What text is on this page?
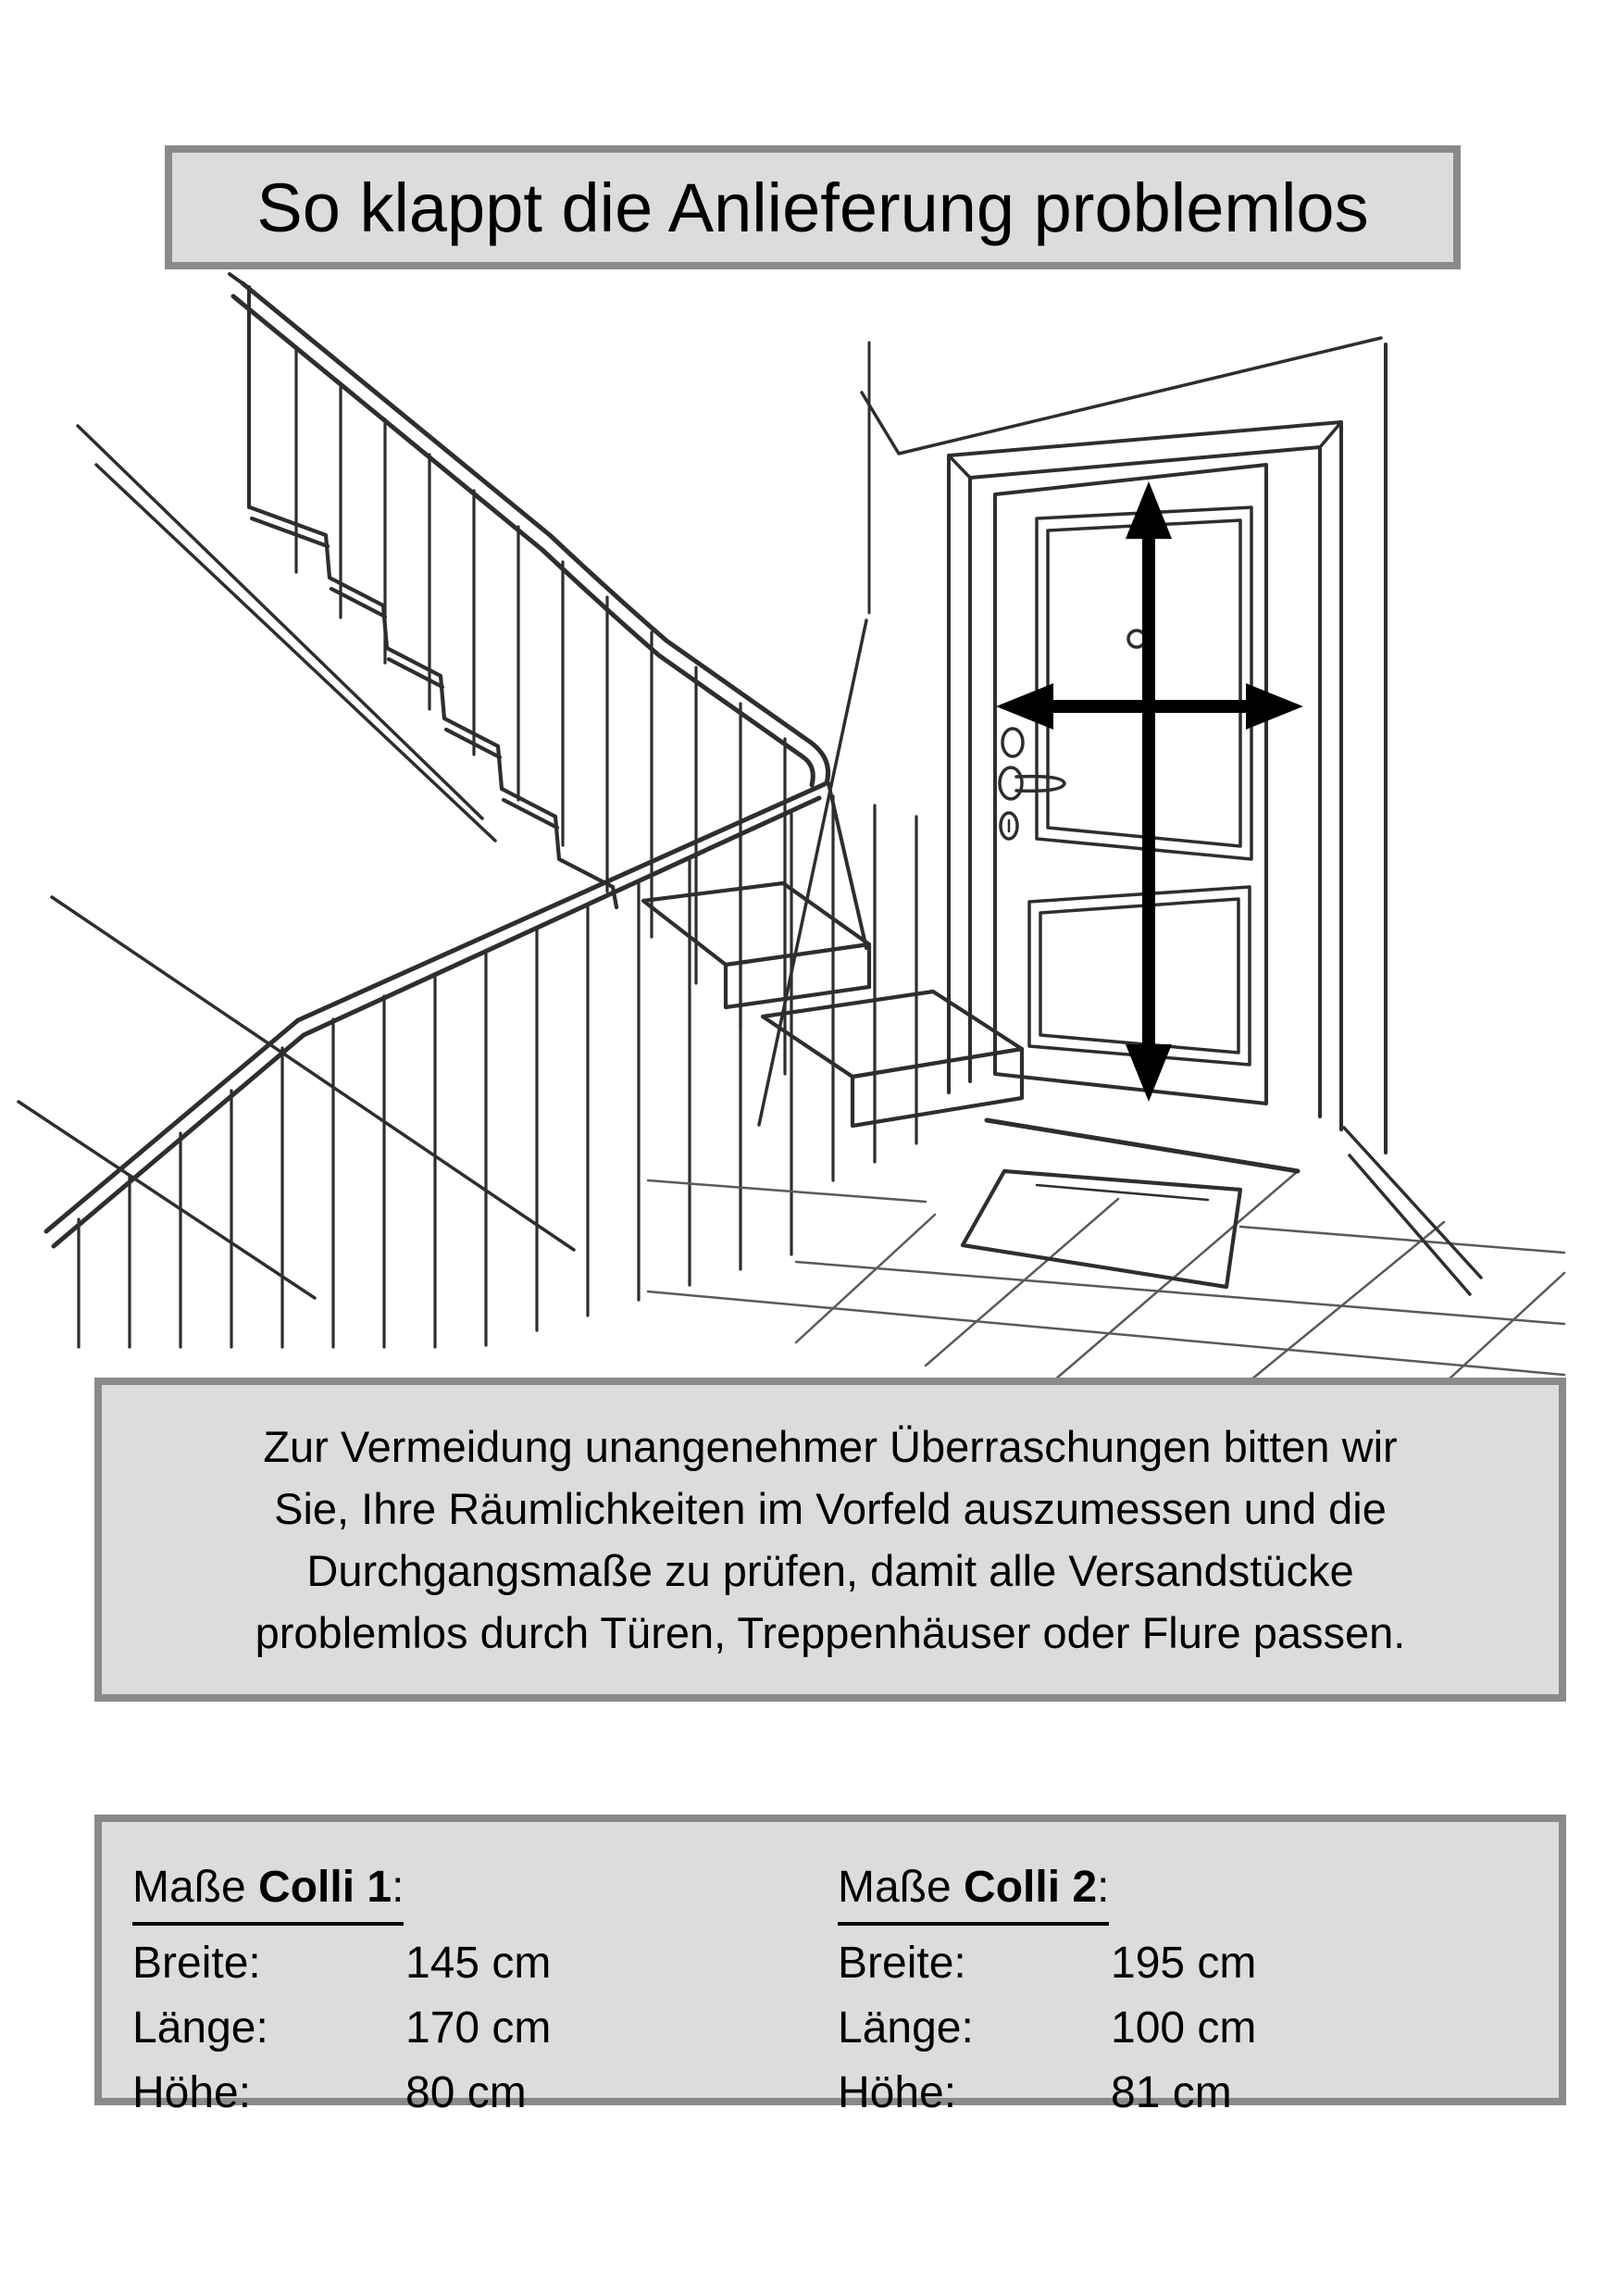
So klappt die Anlieferung problemlos
Zur Vermeidung unangenehmer Überraschungen bitten wir
Sie, Ihre Räumlichkeiten im Vorfeld auszumessen und die
Durchgangsmaße zu prüfen, damit alle Versandstücke
problemlos durch Türen, Treppenhäuser oder Flure passen.
Maße Colli 1:
Breite:	145 cm
Länge:	170 cm
Höhe:	80 cm
Maße Colli 2:
Breite:	195 cm
Länge:	100 cm
Höhe:	81 cm
